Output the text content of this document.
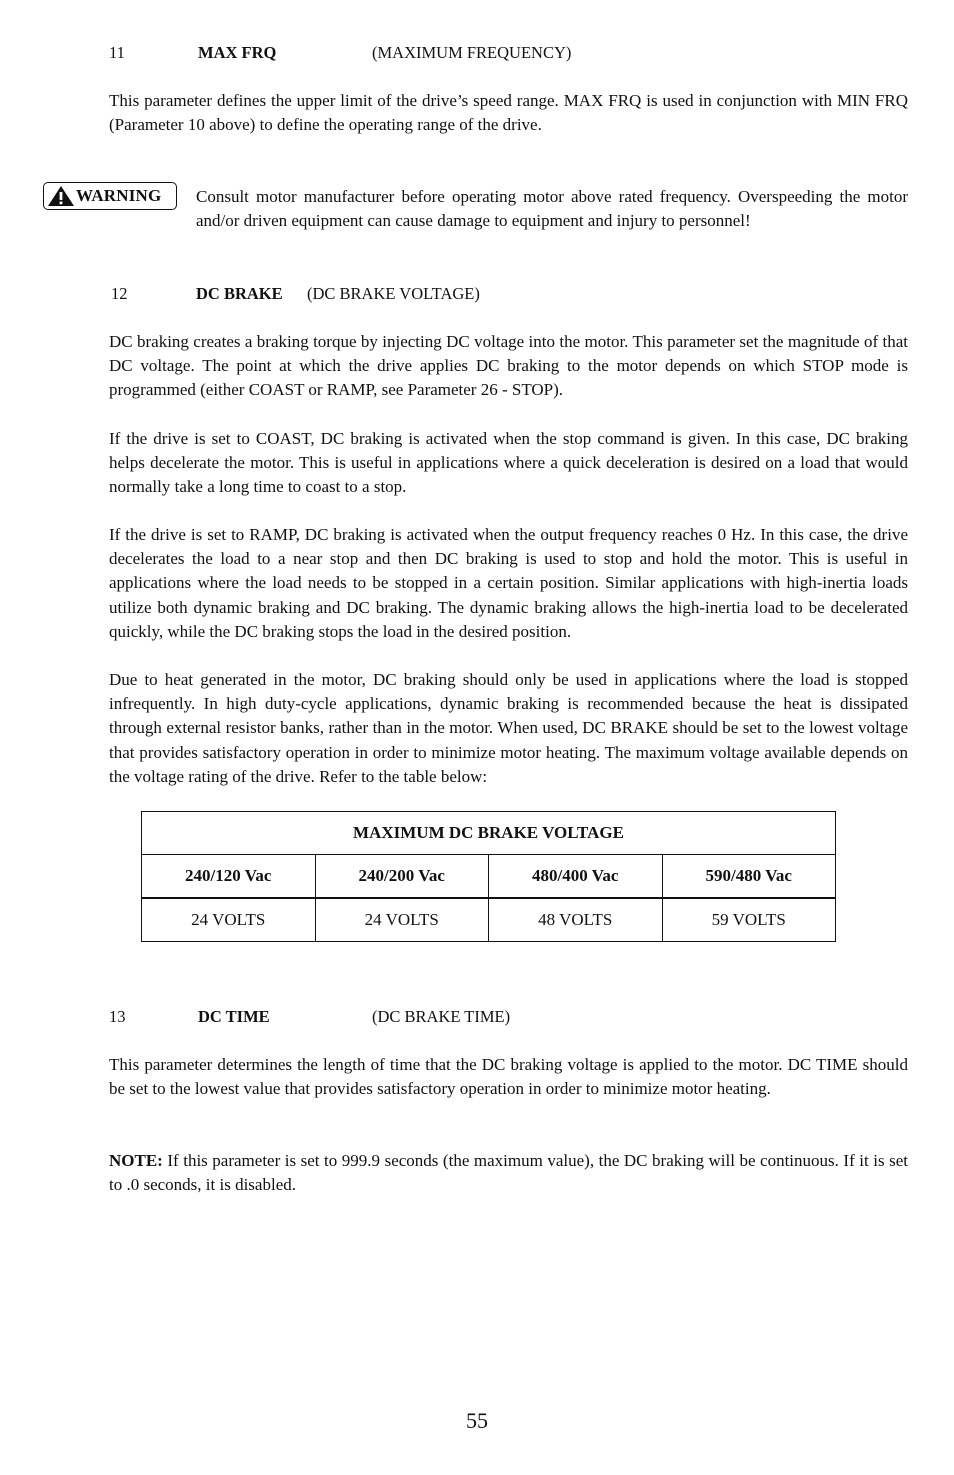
11	MAX FRQ	(MAXIMUM FREQUENCY)

This parameter defines the upper limit of the drive’s speed range. MAX FRQ is used in conjunction with MIN FRQ (Parameter 10 above) to define the operating range of the drive.

WARNING Consult motor manufacturer before operating motor above rated frequency. Overspeeding the motor and/or driven equipment can cause damage to equipment and injury to personnel!

12	DC BRAKE (DC BRAKE VOLTAGE)

DC braking creates a braking torque by injecting DC voltage into the motor. This parameter set the magnitude of that DC voltage. The point at which the drive applies DC braking to the motor depends on which STOP mode is programmed (either COAST or RAMP, see Parameter 26 - STOP).

If the drive is set to COAST, DC braking is activated when the stop command is given. In this case, DC braking helps decelerate the motor. This is useful in applications where a quick deceleration is desired on a load that would normally take a long time to coast to a stop.

If the drive is set to RAMP, DC braking is activated when the output frequency reaches 0 Hz. In this case, the drive decelerates the load to a near stop and then DC braking is used to stop and hold the motor. This is useful in applications where the load needs to be stopped in a certain position. Similar applications with high-inertia loads utilize both dynamic braking and DC braking. The dynamic braking allows the high-inertia load to be decelerated quickly, while the DC braking stops the load in the desired position.

Due to heat generated in the motor, DC braking should only be used in applications where the load is stopped infrequently. In high duty-cycle applications, dynamic braking is recommended because the heat is dissipated through external resistor banks, rather than in the motor. When used, DC BRAKE should be set to the lowest voltage that provides satisfactory operation in order to minimize motor heating. The maximum voltage available depends on the voltage rating of the drive. Refer to the table below:

MAXIMUM DC BRAKE VOLTAGE			
240/120 Vac	240/200 Vac	480/400 Vac	590/480 Vac
24 VOLTS	24 VOLTS	48 VOLTS	59 VOLTS
13	DC TIME	(DC BRAKE TIME)

This parameter determines the length of time that the DC braking voltage is applied to the motor. DC TIME should be set to the lowest value that provides satisfactory operation in order to minimize motor heating.

NOTE: If this parameter is set to 999.9 seconds (the maximum value), the DC braking will be continuous. If it is set to .0 seconds, it is disabled.

55
